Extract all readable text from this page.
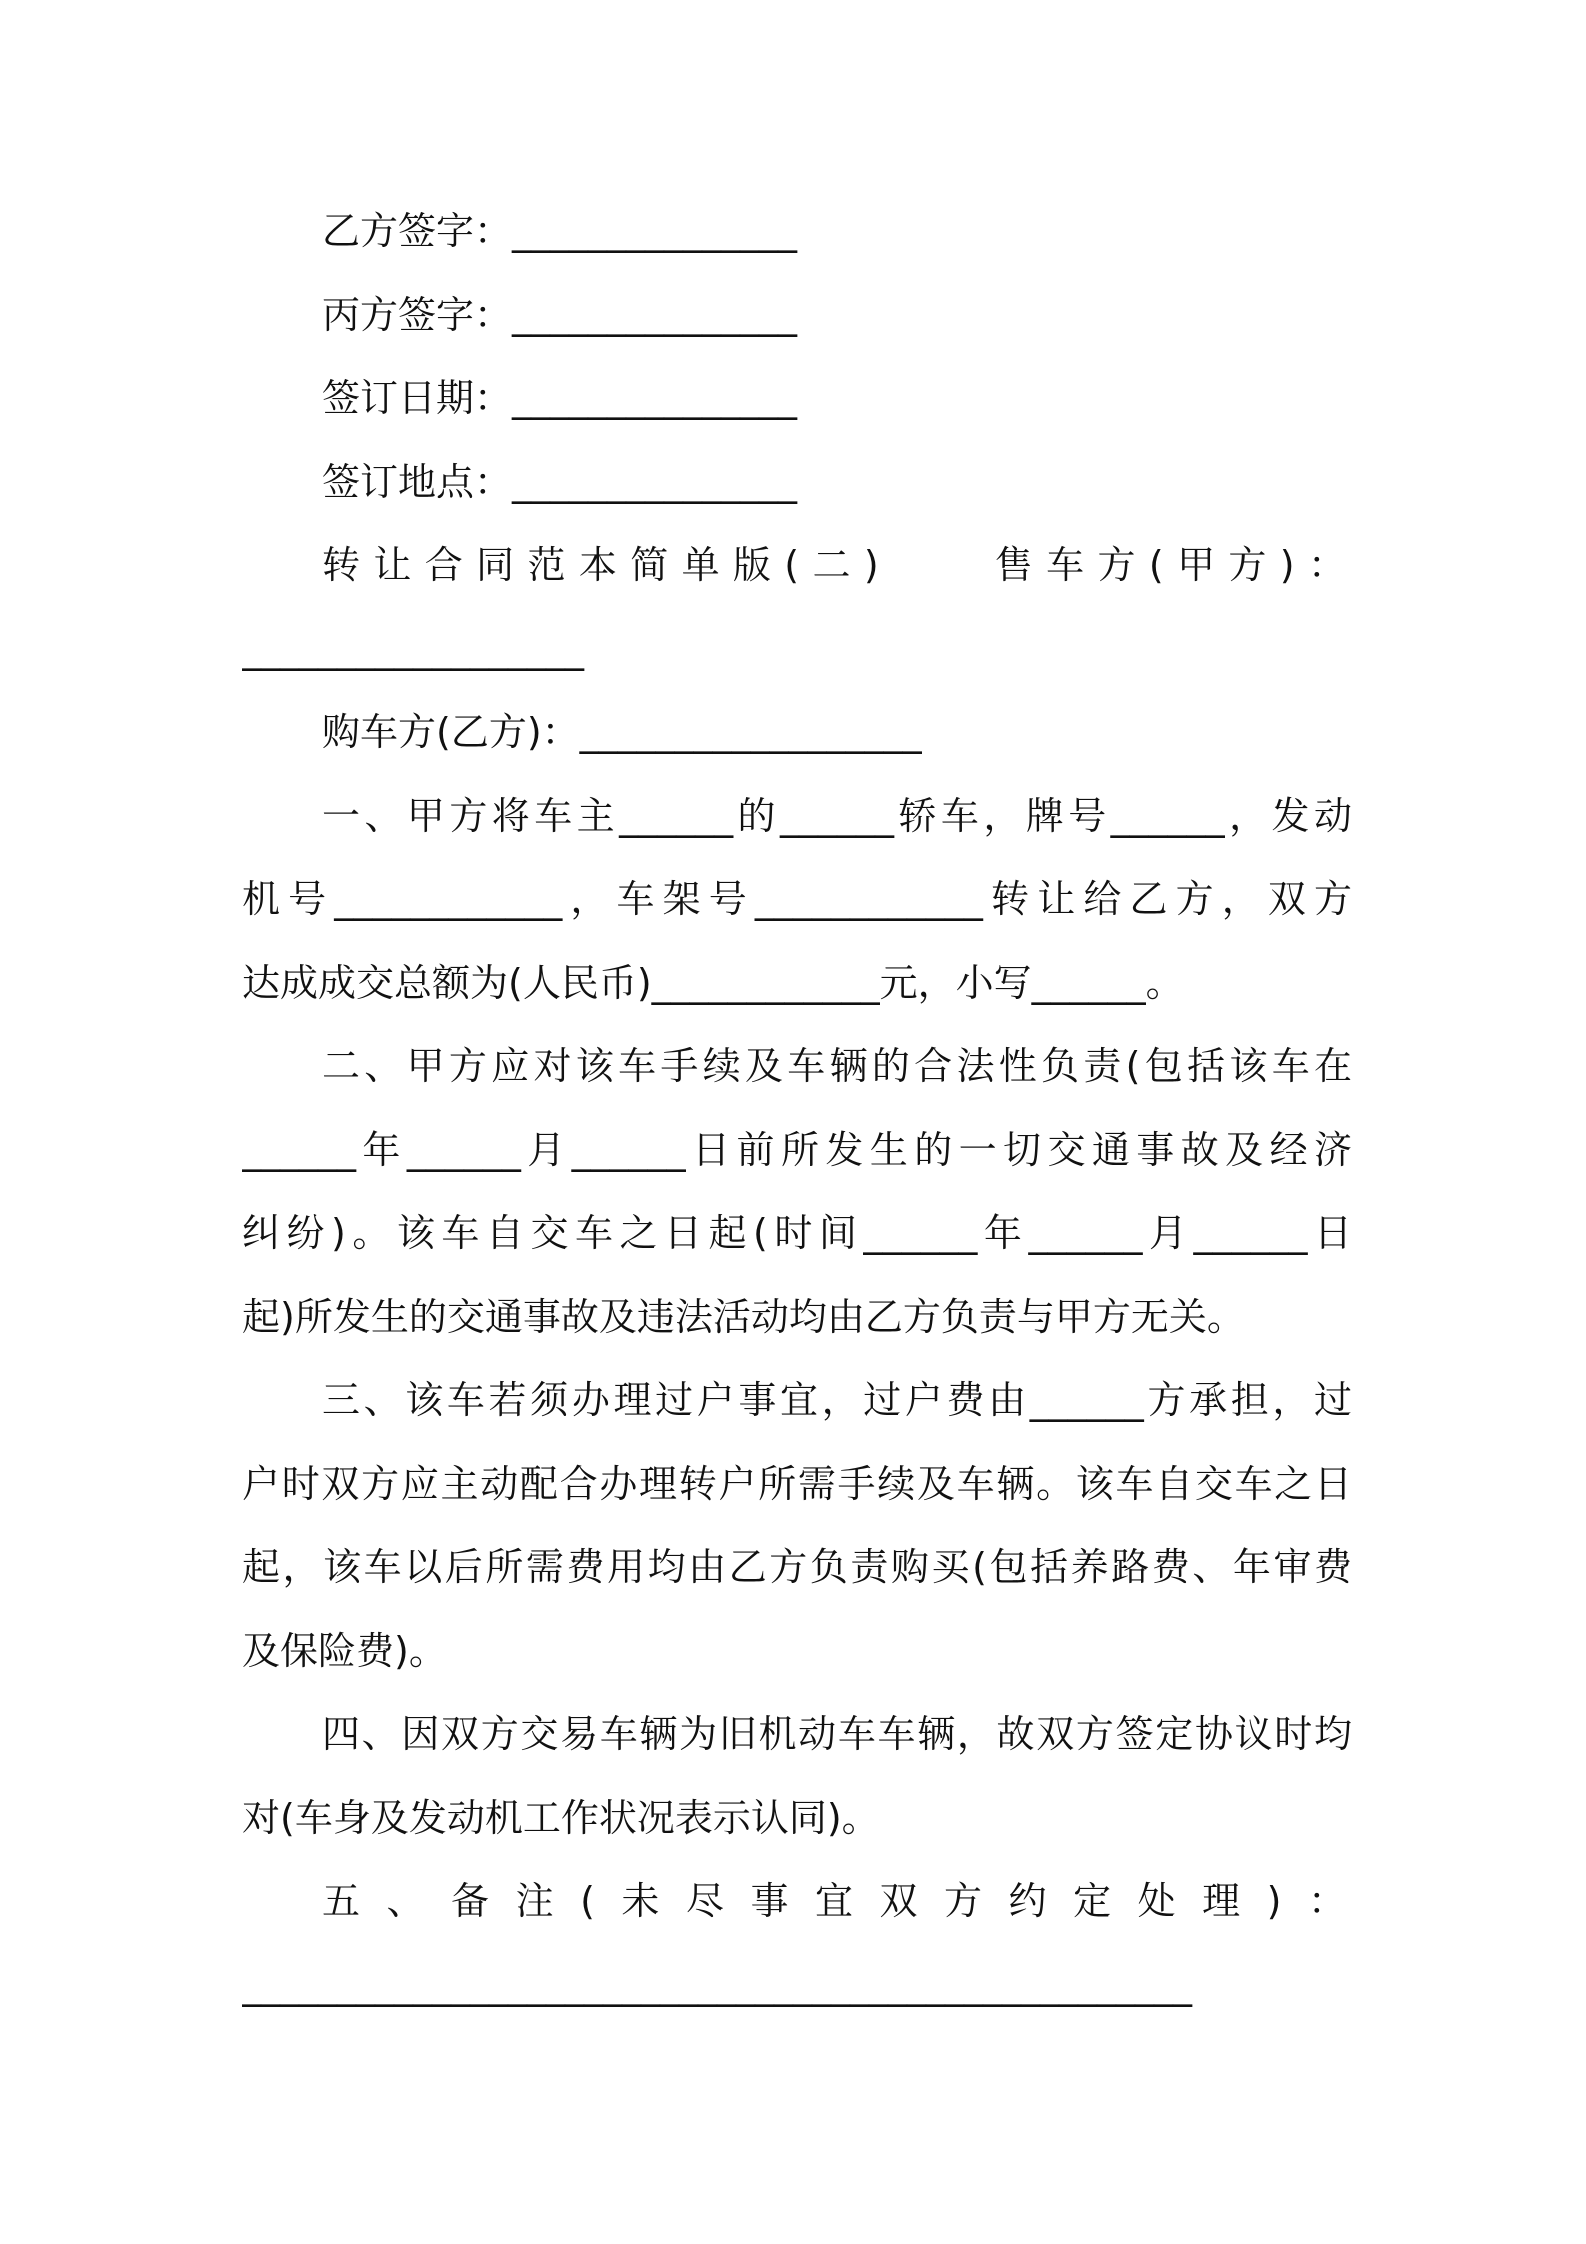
乙方签字：_______________
丙方签字：_______________
签订日期：_______________
签订地点：_______________
转让合同范本简单版(二)　　售车方(甲方)：
__________________
购车方(乙方)：__________________
一、甲方将车主______的______轿车，牌号______，发动
机号____________，车架号____________转让给乙方，双方
达成成交总额为(人民币)____________元，小写______。
二、甲方应对该车手续及车辆的合法性负责(包括该车在
______年______月______日前所发生的一切交通事故及经济
纠纷)。该车自交车之日起(时间______年______月______日
起)所发生的交通事故及违法活动均由乙方负责与甲方无关。
三、该车若须办理过户事宜，过户费由______方承担，过
户时双方应主动配合办理转户所需手续及车辆。该车自交车之日
起，该车以后所需费用均由乙方负责购买(包括养路费、年审费
及保险费)。
四、因双方交易车辆为旧机动车车辆，故双方签定协议时均
对(车身及发动机工作状况表示认同)。
五、备注(未尽事宜双方约定处理)：
__________________________________________________
